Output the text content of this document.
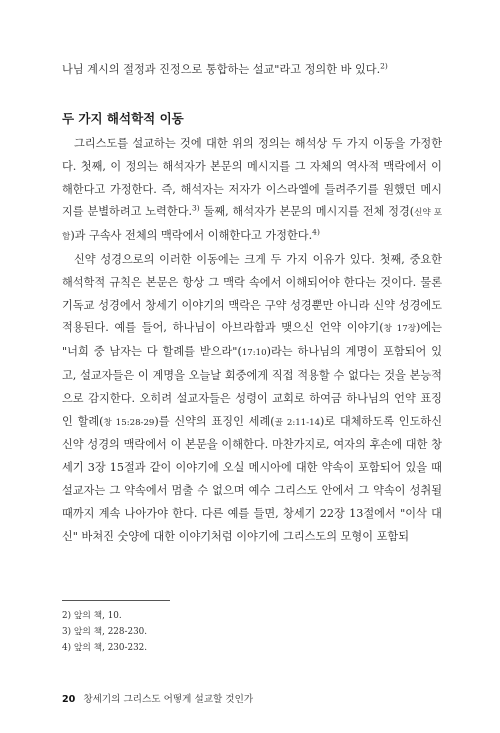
나님 계시의 절정과 진정으로 통합하는 설교"라고 정의한 바 있다.$^{2)}$
두 가지 해석학적 이동

그리스도를 설교하는 것에 대한 위의 정의는 해석상 두 가지 이동을 가정한다. 첫째, 이 정의는 해석자가 본문의 메시지를 그 자체의 역사적 맥락에서 이해한다고 가정한다. 즉, 해석자는 저자가 이스라엘에 들려주기를 원했던 메시지를 분별하려고 노력한다.$^{3)}$ 둘째, 해석자가 본문의 메시지를 전체 정경(신약 포함)과 구속사 전체의 맥락에서 이해한다고 가정한다.$^{4)}$

신약 성경으로의 이러한 이동에는 크게 두 가지 이유가 있다. 첫째, 중요한 해석학적 규칙은 본문은 항상 그 맥락 속에서 이해되어야 한다는 것이다. 물론 기독교 성경에서 창세기 이야기의 맥락은 구약 성경뿐만 아니라 신약 성경에도 적용된다. 예를 들어, 하나님이 아브라함과 맺으신 언약 이야기(창 17장)에는 "너희 중 남자는 다 할례를 받으라"(17:10)라는 하나님의 계명이 포함되어 있고, 설교자들은 이 계명을 오늘날 회중에게 직접 적용할 수 없다는 것을 본능적으로 감지한다. 오히려 설교자들은 성령이 교회로 하여금 하나님의 언약 표징인 할례(창 15:28-29)를 신약의 표징인 세례(골 2:11-14)로 대체하도록 인도하신 신약 성경의 맥락에서 이 본문을 이해한다. 마찬가지로, 여자의 후손에 대한 창세기 3장 15절과 같이 이야기에 오실 메시아에 대한 약속이 포함되어 있을 때 설교자는 그 약속에서 멈출 수 없으며 예수 그리스도 안에서 그 약속이 성취될 때까지 계속 나아가야 한다. 다른 예를 들면, 창세기 22장 13절에서 "이삭 대신" 바쳐진 숫양에 대한 이야기처럼 이야기에 그리스도의 모형이 포함되

2) 앞의 책, 10.
3) 앞의 책, 228-230.
4) 앞의 책, 230-232.
20 창세기의 그리스도 어떻게 설교할 것인가
